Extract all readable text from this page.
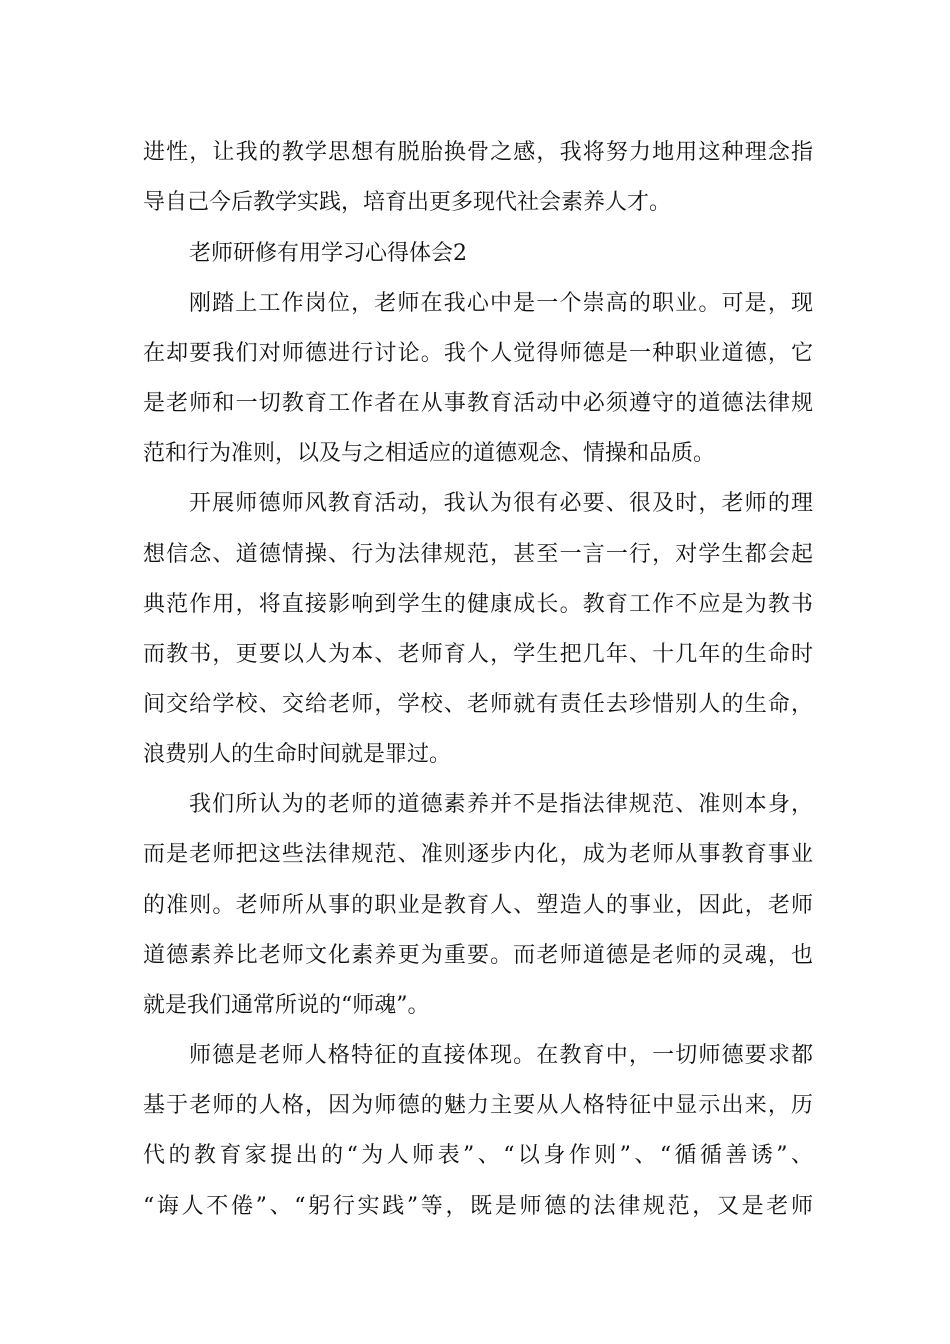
进性，让我的教学思想有脱胎换骨之感，我将努力地用这种理念指
导自己今后教学实践，培育出更多现代社会素养人才。
老师研修有用学习心得体会2
刚踏上工作岗位，老师在我心中是一个崇高的职业。可是，现
在却要我们对师德进行讨论。我个人觉得师德是一种职业道德，它
是老师和一切教育工作者在从事教育活动中必须遵守的道德法律规
范和行为准则，以及与之相适应的道德观念、情操和品质。
开展师德师风教育活动，我认为很有必要、很及时，老师的理
想信念、道德情操、行为法律规范，甚至一言一行，对学生都会起
典范作用，将直接影响到学生的健康成长。教育工作不应是为教书
而教书，更要以人为本、老师育人，学生把几年、十几年的生命时
间交给学校、交给老师，学校、老师就有责任去珍惜别人的生命，
浪费别人的生命时间就是罪过。
我们所认为的老师的道德素养并不是指法律规范、准则本身，
而是老师把这些法律规范、准则逐步内化，成为老师从事教育事业
的准则。老师所从事的职业是教育人、塑造人的事业，因此，老师
道德素养比老师文化素养更为重要。而老师道德是老师的灵魂，也
就是我们通常所说的“师魂”。
师德是老师人格特征的直接体现。在教育中，一切师德要求都
基于老师的人格，因为师德的魅力主要从人格特征中显示出来，历
代的教育家提出的“为人师表”、“以身作则”、“循循善诱”、
“诲人不倦”、“躬行实践”等，既是师德的法律规范，又是老师
